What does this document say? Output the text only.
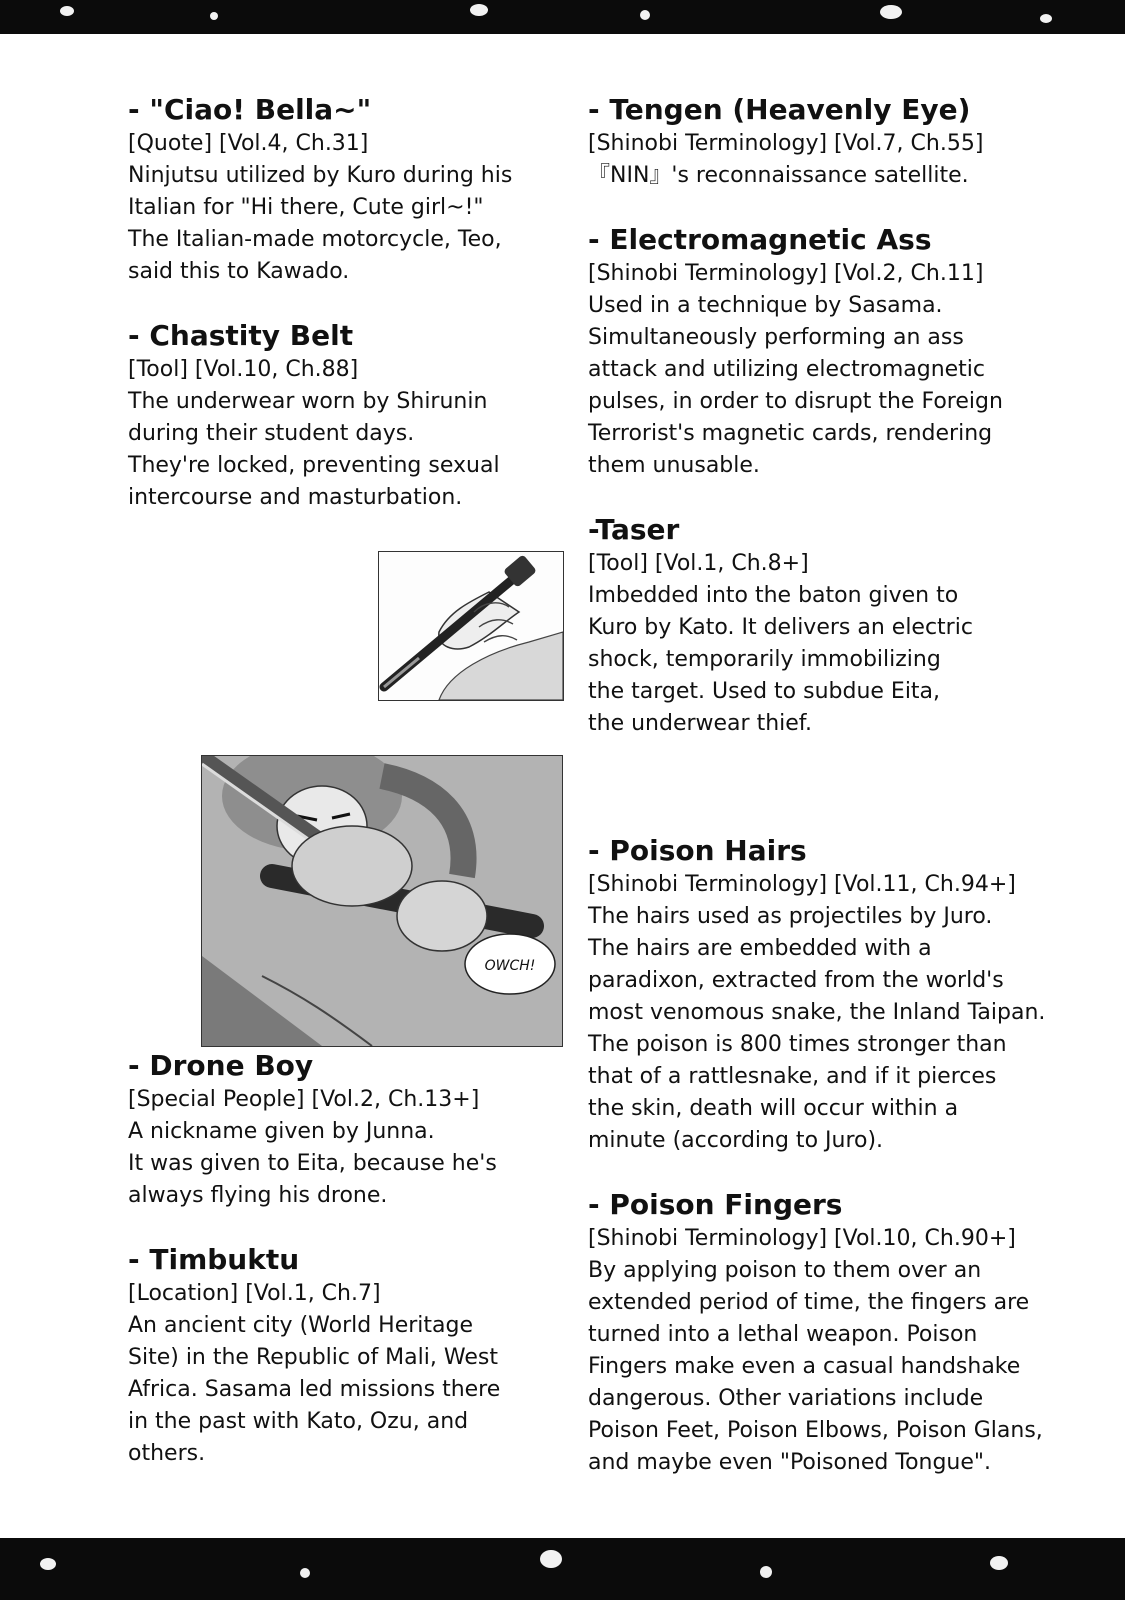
- "Ciao! Bella~"

[Quote] [Vol.4, Ch.31]

Ninjutsu utilized by Kuro during his
Italian for "Hi there, Cute girl~!"
The Italian-made motorcycle, Teo,
said this to Kawado.

- Chastity Belt

[Tool] [Vol.10, Ch.88]

The underwear worn by Shirunin
during their student days.
They're locked, preventing sexual
intercourse and masturbation.

OWCH!
- Drone Boy

[Special People] [Vol.2, Ch.13+]

A nickname given by Junna.
It was given to Eita, because he's
always flying his drone.

- Timbuktu

[Location] [Vol.1, Ch.7]

An ancient city (World Heritage
Site) in the Republic of Mali, West
Africa. Sasama led missions there
in the past with Kato, Ozu, and
others.

- Tengen (Heavenly Eye)

[Shinobi Terminology] [Vol.7, Ch.55]

『NIN』's reconnaissance satellite.

- Electromagnetic Ass

[Shinobi Terminology] [Vol.2, Ch.11]

Used in a technique by Sasama.
Simultaneously performing an ass
attack and utilizing electromagnetic
pulses, in order to disrupt the Foreign
Terrorist's magnetic cards, rendering
them unusable.

-Taser

[Tool] [Vol.1, Ch.8+]

Imbedded into the baton given to
Kuro by Kato. It delivers an electric
shock, temporarily immobilizing
the target. Used to subdue Eita,
the underwear thief.

- Poison Hairs

[Shinobi Terminology] [Vol.11, Ch.94+]

The hairs used as projectiles by Juro.
The hairs are embedded with a
paradixon, extracted from the world's
most venomous snake, the Inland Taipan.
The poison is 800 times stronger than
that of a rattlesnake, and if it pierces
the skin, death will occur within a
minute (according to Juro).

- Poison Fingers

[Shinobi Terminology] [Vol.10, Ch.90+]

By applying poison to them over an
extended period of time, the fingers are
turned into a lethal weapon. Poison
Fingers make even a casual handshake
dangerous. Other variations include
Poison Feet, Poison Elbows, Poison Glans,
and maybe even "Poisoned Tongue".
